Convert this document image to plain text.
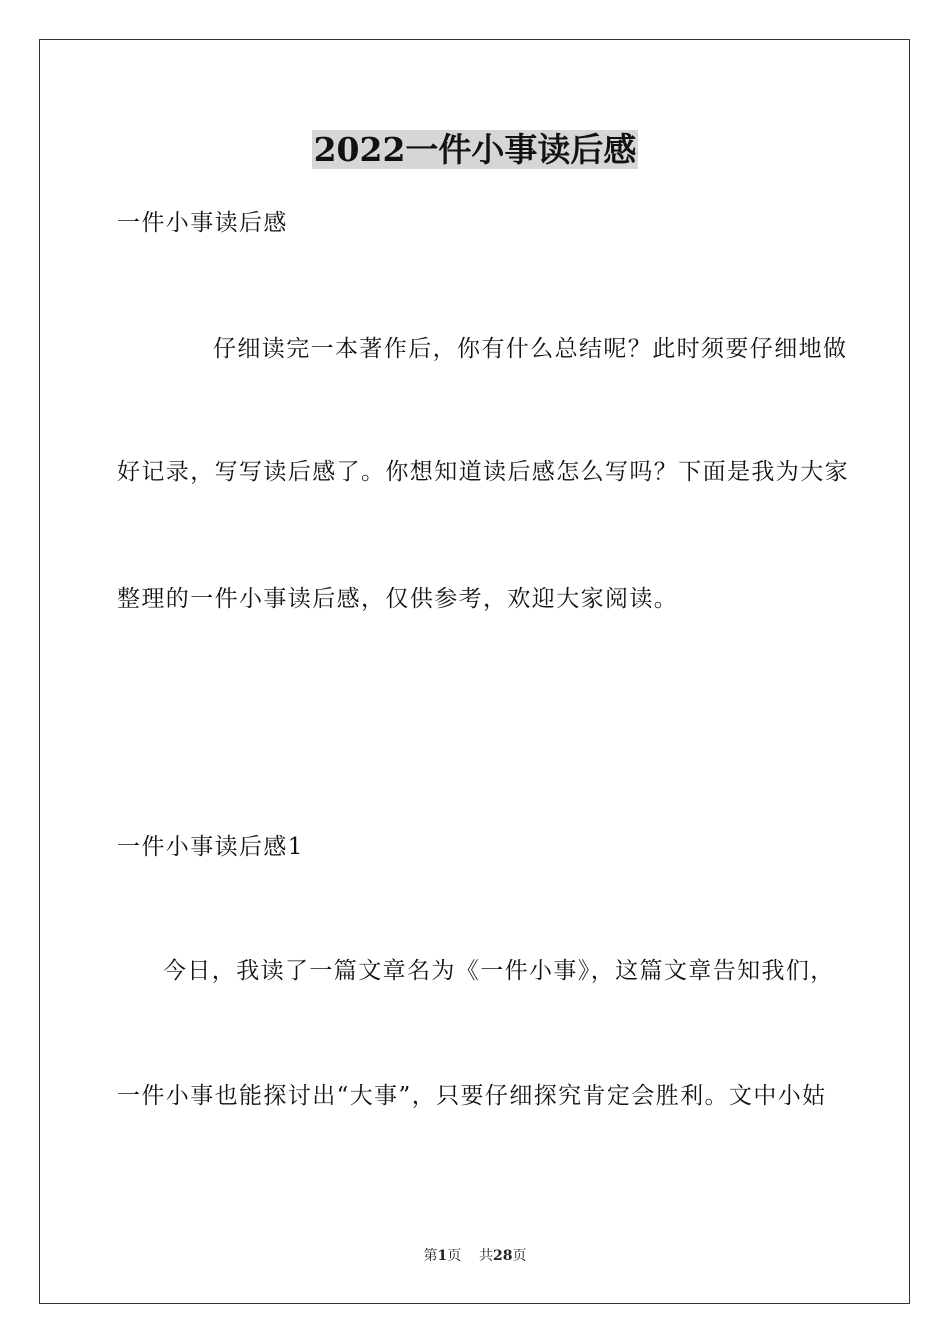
2022一件小事读后感
一件小事读后感
仔细读完一本著作后，你有什么总结呢？此时须要仔细地做
好记录，写写读后感了。你想知道读后感怎么写吗？下面是我为大家
整理的一件小事读后感，仅供参考，欢迎大家阅读。
一件小事读后感1
今日，我读了一篇文章名为《一件小事》，这篇文章告知我们，
一件小事也能探讨出“大事”，只要仔细探究肯定会胜利。文中小姑
第1页 共28页
